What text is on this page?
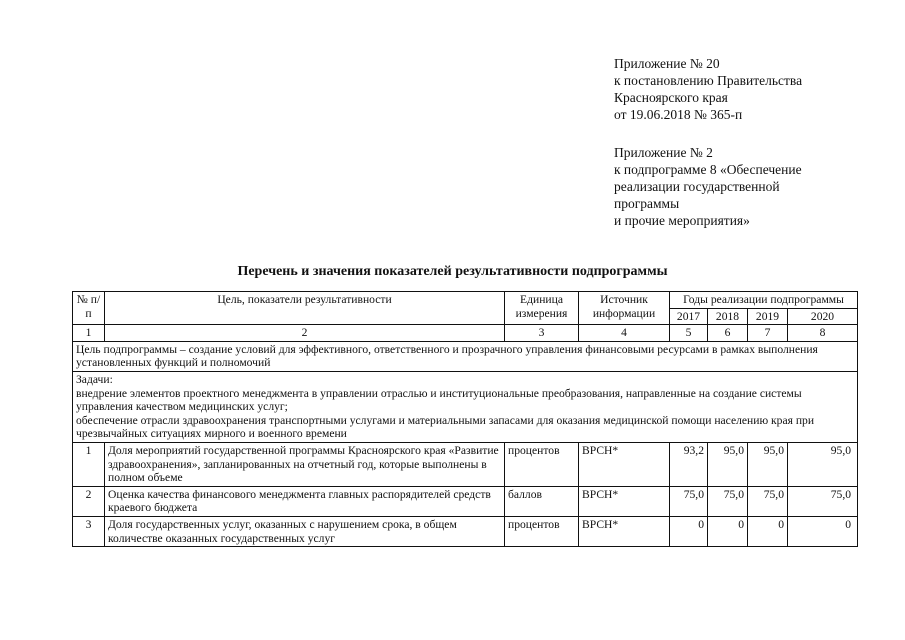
Приложение № 20
к постановлению Правительства
Красноярского края
от 19.06.2018 № 365-п
Приложение № 2
к подпрограмме 8 «Обеспечение
реализации государственной
программы
и прочие мероприятия»
Перечень и значения показателей результативности подпрограммы
№ п/п	Цель, показатели результативности	Единица измерения	Источник информации	Годы реализации подпрограммы			
				2017	2018	2019	2020
1	2	3	4	5	6	7	8
Цель подпрограммы – создание условий для эффективного, ответственного и прозрачного управления финансовыми ресурсами в рамках выполнения установленных функций и полномочий							

Задачи:
внедрение элементов проектного менеджмента в управлении отраслью и институциональные преобразования, направленные на создание системы управления качеством медицинских услуг;
обеспечение отрасли здравоохранения транспортными услугами и материальными запасами для оказания медицинской помощи населению края при чрезвычайных ситуациях мирного и военного времени							

1	Доля мероприятий государственной программы Красноярского края «Развитие здравоохранения», запланированных на отчетный год, которые выполнены в полном объеме	процентов	ВРСН*	93,2	95,0	95,0	95,0
2	Оценка качества финансового менеджмента главных распорядителей средств краевого бюджета	баллов	ВРСН*	75,0	75,0	75,0	75,0
3	Доля государственных услуг, оказанных с нарушением срока, в общем количестве оказанных государственных услуг	процентов	ВРСН*	0	0	0	0
